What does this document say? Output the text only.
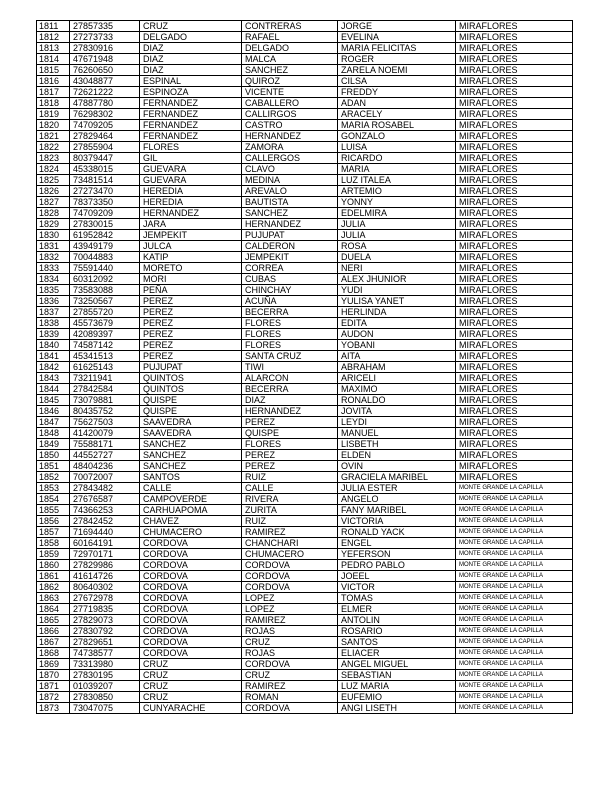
1811	27857335	CRUZ	CONTRERAS	JORGE	MIRAFLORES
1812	27273733	DELGADO	RAFAEL	EVELINA	MIRAFLORES
1813	27830916	DIAZ	DELGADO	MARIA FELICITAS	MIRAFLORES
1814	47671948	DIAZ	MALCA	ROGER	MIRAFLORES
1815	76260650	DIAZ	SANCHEZ	ZARELA NOEMI	MIRAFLORES
1816	43048877	ESPINAL	QUIROZ	CILSA	MIRAFLORES
1817	72621222	ESPINOZA	VICENTE	FREDDY	MIRAFLORES
1818	47887780	FERNANDEZ	CABALLERO	ADAN	MIRAFLORES
1819	76298302	FERNANDEZ	CALLIRGOS	ARACELY	MIRAFLORES
1820	74709205	FERNANDEZ	CASTRO	MARIA ROSABEL	MIRAFLORES
1821	27829464	FERNANDEZ	HERNANDEZ	GONZALO	MIRAFLORES
1822	27855904	FLORES	ZAMORA	LUISA	MIRAFLORES
1823	80379447	GIL	CALLERGOS	RICARDO	MIRAFLORES
1824	45338015	GUEVARA	CLAVO	MARIA	MIRAFLORES
1825	73481514	GUEVARA	MEDINA	LUZ ITALEA	MIRAFLORES
1826	27273470	HEREDIA	AREVALO	ARTEMIO	MIRAFLORES
1827	78373350	HEREDIA	BAUTISTA	YONNY	MIRAFLORES
1828	74709209	HERNANDEZ	SANCHEZ	EDELMIRA	MIRAFLORES
1829	27830015	JARA	HERNANDEZ	JULIA	MIRAFLORES
1830	61952842	JEMPEKIT	PUJUPAT	JULIA	MIRAFLORES
1831	43949179	JULCA	CALDERON	ROSA	MIRAFLORES
1832	70044883	KATIP	JEMPEKIT	DUELA	MIRAFLORES
1833	75591440	MORETO	CORREA	NERI	MIRAFLORES
1834	60312092	MORI	CUBAS	ALEX JHUNIOR	MIRAFLORES
1835	73583088	PEÑA	CHINCHAY	YUDI	MIRAFLORES
1836	73250567	PEREZ	ACUÑA	YULISA YANET	MIRAFLORES
1837	27855720	PEREZ	BECERRA	HERLINDA	MIRAFLORES
1838	45573679	PEREZ	FLORES	EDITA	MIRAFLORES
1839	42089397	PEREZ	FLORES	AUDON	MIRAFLORES
1840	74587142	PEREZ	FLORES	YOBANI	MIRAFLORES
1841	45341513	PEREZ	SANTA CRUZ	AITA	MIRAFLORES
1842	61625143	PUJUPAT	TIWI	ABRAHAM	MIRAFLORES
1843	73211941	QUINTOS	ALARCON	ARICELI	MIRAFLORES
1844	27842584	QUINTOS	BECERRA	MAXIMO	MIRAFLORES
1845	73079881	QUISPE	DIAZ	RONALDO	MIRAFLORES
1846	80435752	QUISPE	HERNANDEZ	JOVITA	MIRAFLORES
1847	75627503	SAAVEDRA	PEREZ	LEYDI	MIRAFLORES
1848	41420079	SAAVEDRA	QUISPE	MANUEL	MIRAFLORES
1849	75588171	SANCHEZ	FLORES	LISBETH	MIRAFLORES
1850	44552727	SANCHEZ	PEREZ	ELDEN	MIRAFLORES
1851	48404236	SANCHEZ	PEREZ	OVIN	MIRAFLORES
1852	70072007	SANTOS	RUIZ	GRACIELA MARIBEL	MIRAFLORES
1853	27843482	CALLE	CALLE	JULIA ESTER	MONTE GRANDE LA CAPILLA
1854	27676587	CAMPOVERDE	RIVERA	ANGELO	MONTE GRANDE LA CAPILLA
1855	74366253	CARHUAPOMA	ZURITA	FANY MARIBEL	MONTE GRANDE LA CAPILLA
1856	27842452	CHAVEZ	RUIZ	VICTORIA	MONTE GRANDE LA CAPILLA
1857	71694440	CHUMACERO	RAMIREZ	RONALD YACK	MONTE GRANDE LA CAPILLA
1858	60164191	CORDOVA	CHANCHARI	ENGEL	MONTE GRANDE LA CAPILLA
1859	72970171	CORDOVA	CHUMACERO	YEFERSON	MONTE GRANDE LA CAPILLA
1860	27829986	CORDOVA	CORDOVA	PEDRO PABLO	MONTE GRANDE LA CAPILLA
1861	41614726	CORDOVA	CORDOVA	JOEEL	MONTE GRANDE LA CAPILLA
1862	80640302	CORDOVA	CORDOVA	VICTOR	MONTE GRANDE LA CAPILLA
1863	27672978	CORDOVA	LOPEZ	TOMAS	MONTE GRANDE LA CAPILLA
1864	27719835	CORDOVA	LOPEZ	ELMER	MONTE GRANDE LA CAPILLA
1865	27829073	CORDOVA	RAMIREZ	ANTOLIN	MONTE GRANDE LA CAPILLA
1866	27830792	CORDOVA	ROJAS	ROSARIO	MONTE GRANDE LA CAPILLA
1867	27829651	CORDOVA	CRUZ	SANTOS	MONTE GRANDE LA CAPILLA
1868	74738577	CORDOVA	ROJAS	ELIACER	MONTE GRANDE LA CAPILLA
1869	73313980	CRUZ	CORDOVA	ANGEL MIGUEL	MONTE GRANDE LA CAPILLA
1870	27830195	CRUZ	CRUZ	SEBASTIAN	MONTE GRANDE LA CAPILLA
1871	01039207	CRUZ	RAMIREZ	LUZ MARIA	MONTE GRANDE LA CAPILLA
1872	27830850	CRUZ	ROMAN	EUFEMIO	MONTE GRANDE LA CAPILLA
1873	73047075	CUNYARACHE	CORDOVA	ANGI LISETH	MONTE GRANDE LA CAPILLA
